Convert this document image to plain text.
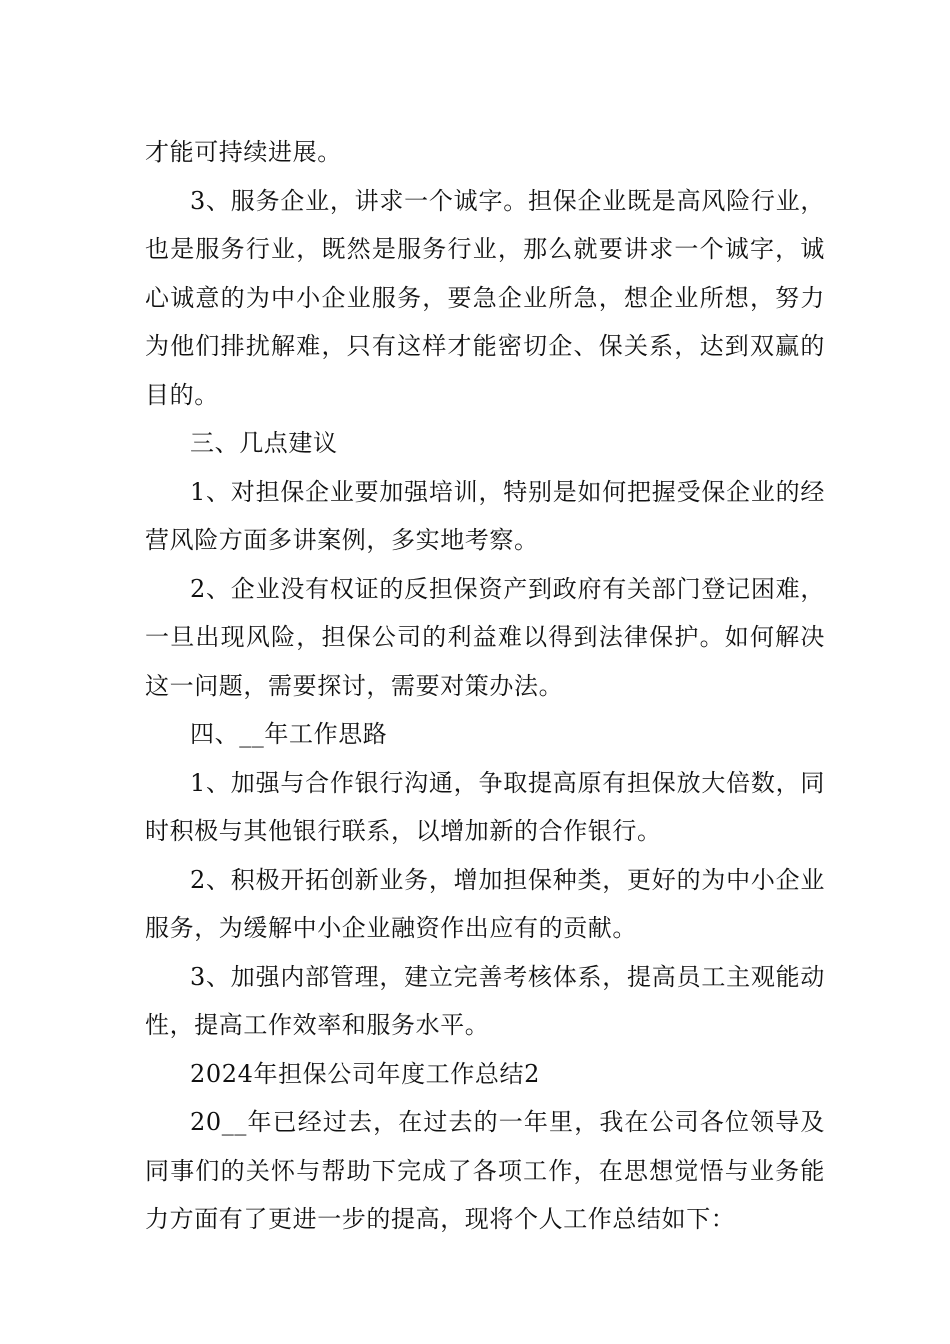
才能可持续进展。

3、服务企业，讲求一个诚字。担保企业既是高风险行业，也是服务行业，既然是服务行业，那么就要讲求一个诚字，诚心诚意的为中小企业服务，要急企业所急，想企业所想，努力为他们排扰解难，只有这样才能密切企、保关系，达到双赢的目的。

三、几点建议

1、对担保企业要加强培训，特别是如何把握受保企业的经营风险方面多讲案例，多实地考察。

2、企业没有权证的反担保资产到政府有关部门登记困难，一旦出现风险，担保公司的利益难以得到法律保护。如何解决这一问题，需要探讨，需要对策办法。

四、__年工作思路

1、加强与合作银行沟通，争取提高原有担保放大倍数，同时积极与其他银行联系，以增加新的合作银行。

2、积极开拓创新业务，增加担保种类，更好的为中小企业服务，为缓解中小企业融资作出应有的贡献。

3、加强内部管理，建立完善考核体系，提高员工主观能动性，提高工作效率和服务水平。

2024年担保公司年度工作总结2

20__年已经过去，在过去的一年里，我在公司各位领导及同事们的关怀与帮助下完成了各项工作，在思想觉悟与业务能力方面有了更进一步的提高，现将个人工作总结如下：
